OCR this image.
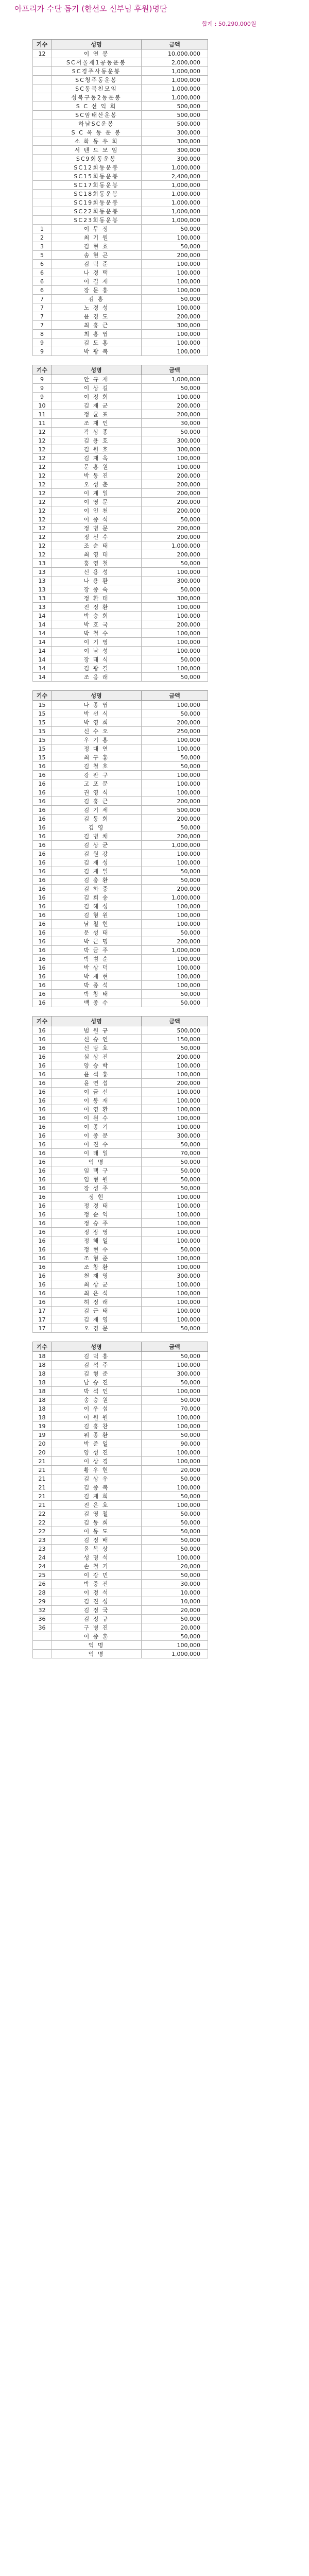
아프리카 수단 돕기 (한선오 신부님 후원)명단
합계 : 50,290,000원
기수	성명	금액
12	이 연 봉	10,000,000
	SC서울제1공동운봉	2,000,000
	SC경주사동운봉	1,000,000
	SC청주동운봉	1,000,000
	SC동북친모임	1,000,000
	성북구동2동운봉	1,000,000
	S C 선 익 회	500,000
	SC암태산운봉	500,000
	하남SC운봉	500,000
	S C 옥 동 운 봉	300,000
	소 화 동 우 회	300,000
	서 텐 드 모 임	300,000
	SC9회동운봉	300,000
	SC12회동운봉	1,000,000
	SC15회동운봉	2,400,000
	SC17회동운봉	1,000,000
	SC18회동운봉	1,000,000
	SC19회동운봉	1,000,000
	SC22회동운봉	1,000,000
	SC23회동운봉	1,000,000
1	이 무 정	50,000
2	최 기 원	100,000
3	김 현 효	50,000
5	송 현 곤	200,000
6	김 덕 준	100,000
6	나 경 택	100,000
6	이 길 재	100,000
6	장 문 홍	100,000
7	김 홍	50,000
7	노 경 성	100,000
7	윤 경 도	200,000
7	최 홍 근	300,000
8	최 홍 엽	100,000
9	김 도 홍	100,000
9	박 광 복	100,000
기수	성명	금액
9	안 규 재	1,000,000
9	이 상 길	50,000
9	이 정 희	100,000
10	김 재 균	200,000
11	정 균 표	200,000
11	조 재 인	30,000
12	곽 상 종	50,000
12	김 용 호	300,000
12	김 원 호	300,000
12	김 재 옥	100,000
12	문 홍 원	100,000
12	박 동 진	200,000
12	오 성 춘	200,000
12	이 계 일	200,000
12	이 영 문	200,000
12	이 인 천	200,000
12	이 종 석	50,000
12	정 병 문	200,000
12	정 선 수	200,000
12	조 순 태	1,000,000
12	최 영 태	200,000
13	홍 영 철	50,000
13	신 용 성	100,000
13	나 용 환	300,000
13	장 종 숙	50,000
13	정 환 태	300,000
13	진 정 환	100,000
14	박 승 희	100,000
14	박 호 국	200,000
14	박 철 수	100,000
14	이 기 영	100,000
14	이 남 성	100,000
14	장 태 식	50,000
14	김 광 길	100,000
14	조 응 래	50,000
기수	성명	금액
15	나 종 엽	100,000
15	박 선 식	50,000
15	박 영 희	200,000
15	신 수 오	250,000
15	우 기 홍	100,000
15	정 대 연	100,000
15	최 구 홍	50,000
16	김 철 호	50,000
16	강 판 구	100,000
16	고 포 문	100,000
16	권 영 식	100,000
16	김 홍 근	200,000
16	김 기 세	500,000
16	김 동 희	200,000
16	김 영	50,000
16	김 병 채	200,000
16	김 상 균	1,000,000
16	김 원 강	100,000
16	김 재 성	100,000
16	김 재 일	50,000
16	김 충 환	50,000
16	김 하 중	200,000
16	김 희 송	1,000,000
16	김 해 성	100,000
16	김 형 원	100,000
16	남 철 현	100,000
16	문 성 태	50,000
16	박 근 명	200,000
16	박 금 주	1,000,000
16	박 범 순	100,000
16	박 상 덕	100,000
16	박 재 현	100,000
16	박 종 석	100,000
16	박 창 태	50,000
16	백 종 수	50,000
기수	성명	금액
16	범 원 규	500,000
16	신 승 연	150,000
16	신 탕 호	50,000
16	심 상 진	200,000
16	양 승 학	100,000
16	윤 석 홍	100,000
16	윤 연 섭	200,000
16	이 금 선	100,000
16	이 봉 재	100,000
16	이 영 환	100,000
16	이 원 수	100,000
16	이 종 기	100,000
16	이 종 문	300,000
16	이 진 수	50,000
16	이 태 일	70,000
16	익 명	50,000
16	임 택 구	50,000
16	임 형 원	50,000
16	장 성 주	50,000
16	정 현	100,000
16	정 경 태	100,000
16	정 순 익	100,000
16	정 승 주	100,000
16	정 장 영	100,000
16	정 해 일	100,000
16	정 현 수	50,000
16	조 형 준	100,000
16	조 창 환	100,000
16	천 재 영	300,000
16	최 상 균	100,000
16	최 은 석	100,000
16	허 정 래	100,000
17	김 근 태	100,000
17	김 재 영	100,000
17	오 경 문	50,000
기수	성명	금액
18	김 덕 홍	50,000
18	김 석 주	100,000
18	김 형 준	300,000
18	남 승 진	50,000
18	박 석 인	100,000
18	송 승 원	50,000
18	이 우 섭	70,000
18	이 원 원	100,000
19	김 홍 찬	100,000
19	위 종 환	50,000
20	박 준 일	90,000
20	양 성 진	100,000
21	이 상 경	100,000
21	황 우 현	20,000
21	김 상 우	50,000
21	김 종 복	100,000
21	김 재 희	50,000
21	진 은 호	100,000
22	김 영 철	50,000
22	김 동 희	50,000
22	이 동 도	50,000
23	김 정 배	50,000
23	윤 복 상	50,000
24	성 명 석	100,000
24	손 철 기	20,000
25	이 강 민	50,000
26	박 중 진	30,000
28	이 정 석	10,000
29	김 진 성	10,000
32	김 정 국	20,000
36	김 정 규	50,000
36	구 병 진	20,000
	이 종 훈	50,000
	익 명	100,000
	익 명	1,000,000
